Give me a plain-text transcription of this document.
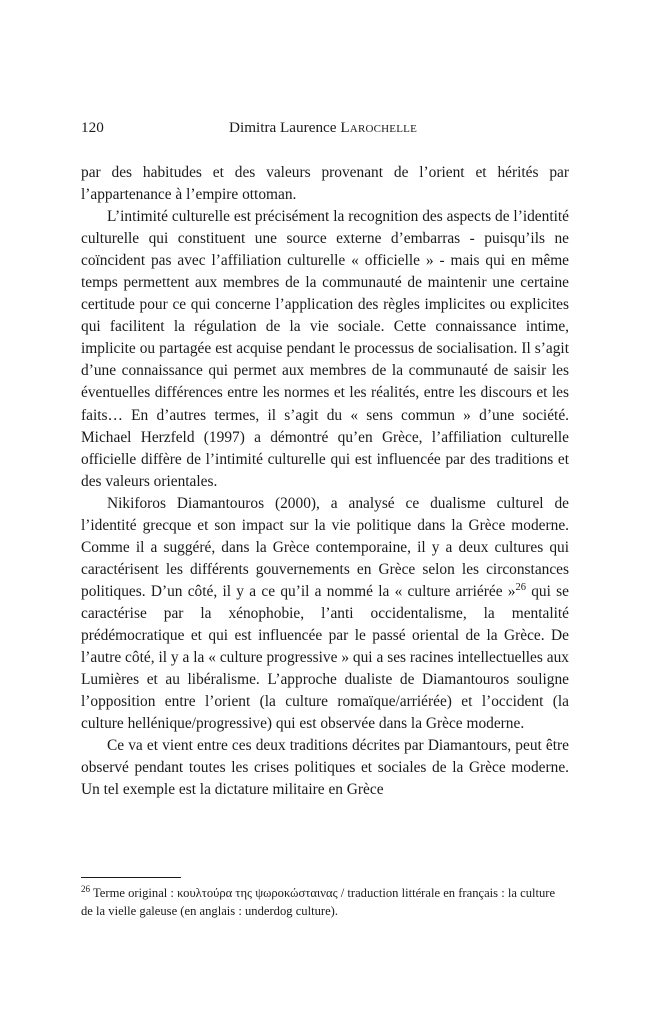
120	Dimitra Laurence Larochelle

par des habitudes et des valeurs provenant de l’orient et hérités par l’appartenance à l’empire ottoman.

L’intimité culturelle est précisément la recognition des aspects de l’identité culturelle qui constituent une source externe d’embarras - puisqu’ils ne coïncident pas avec l’affiliation culturelle « officielle » - mais qui en même temps permettent aux membres de la communauté de maintenir une certaine certitude pour ce qui concerne l’application des règles implicites ou explicites qui facilitent la régulation de la vie sociale. Cette connaissance intime, implicite ou partagée est acquise pendant le processus de socialisation. Il s’agit d’une connaissance qui permet aux membres de la communauté de saisir les éventuelles différences entre les normes et les réalités, entre les discours et les faits… En d’autres termes, il s’agit du « sens commun » d’une société. Michael Herzfeld (1997) a démontré qu’en Grèce, l’affiliation culturelle officielle diffère de l’intimité culturelle qui est influencée par des traditions et des valeurs orientales.

Nikiforos Diamantouros (2000), a analysé ce dualisme culturel de l’identité grecque et son impact sur la vie politique dans la Grèce moderne. Comme il a suggéré, dans la Grèce contemporaine, il y a deux cultures qui caractérisent les différents gouvernements en Grèce selon les circonstances politiques. D’un côté, il y a ce qu’il a nommé la « culture arriérée »$^{26}$ qui se caractérise par la xénophobie, l’anti occidentalisme, la mentalité prédémocratique et qui est influencée par le passé oriental de la Grèce. De l’autre côté, il y a la « culture progressive » qui a ses racines intellectuelles aux Lumières et au libéralisme. L’approche dualiste de Diamantouros souligne l’opposition entre l’orient (la culture romaïque/arriérée) et l’occident (la culture hellénique/progressive) qui est observée dans la Grèce moderne.

Ce va et vient entre ces deux traditions décrites par Diamantours, peut être observé pendant toutes les crises politiques et sociales de la Grèce moderne. Un tel exemple est la dictature militaire en Grèce

$^{26}$ Terme original : κουλτούρα της ψωροκώσταινας / traduction littérale en français : la culture de la vielle galeuse (en anglais : underdog culture).
